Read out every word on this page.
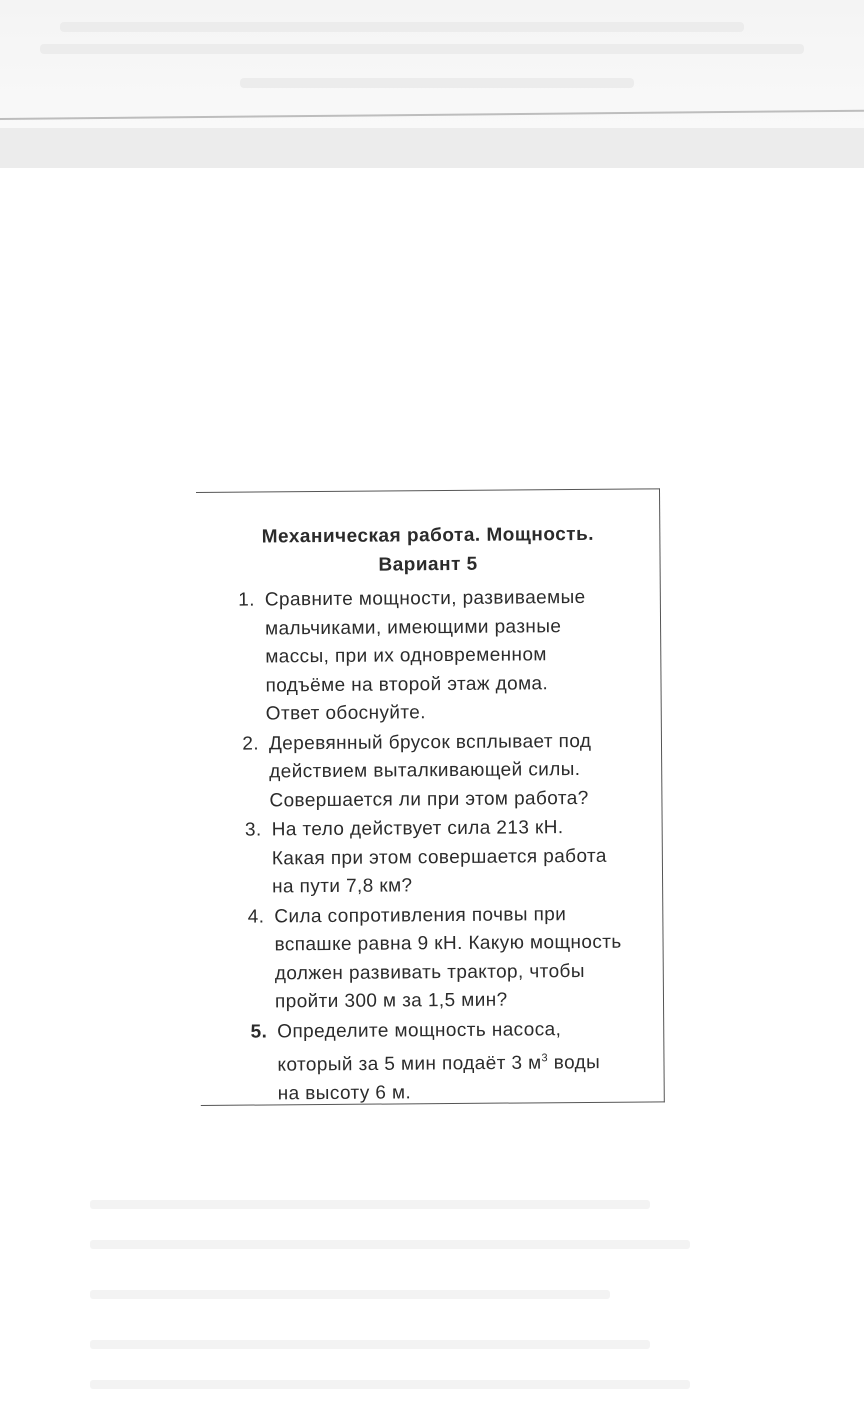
Механическая работа. Мощность.
Вариант 5
1. Сравните мощности, развиваемые
мальчиками, имеющими разные
массы, при их одновременном
подъёме на второй этаж дома.
Ответ обоснуйте.
2. Деревянный брусок всплывает под
действием выталкивающей силы.
Совершается ли при этом работа?
3. На тело действует сила 213 кН.
Какая при этом совершается работа
на пути 7,8 км?
4. Сила сопротивления почвы при
вспашке равна 9 кН. Какую мощность
должен развивать трактор, чтобы
пройти 300 м за 1,5 мин?
5. Определите мощность насоса,
который за 5 мин подаёт 3 $м^3$ воды
на высоту 6 м.
